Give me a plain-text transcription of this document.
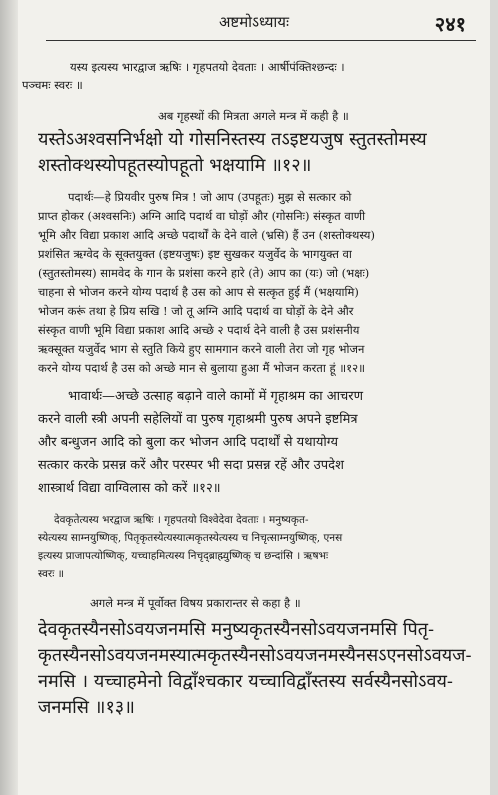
अष्टमोऽध्यायः	२४१
यस्य इत्यस्य भारद्वाज ऋषिः । गृहपतयो देवताः । आर्षीपंक्तिश्छन्दः ।
पञ्चमः स्वरः ॥
अब गृहस्थों की मित्रता अगले मन्त्र में कही है ॥
यस्तेऽअश्वसनिर्भक्षो यो गोसनिस्तस्य तऽइष्टयजुष स्तुतस्तोमस्य
शस्तोक्थस्योपहूतस्योपहूतो भक्षयामि ॥१२॥
पदार्थः—हे प्रियवीर पुरुष मित्र ! जो आप (उपहूतः) मुझ से सत्कार को
प्राप्त होकर (अश्वसनिः) अग्नि आदि पदार्थ वा घोड़ों और (गोसनिः) संस्कृत वाणी
भूमि और विद्या प्रकाश आदि अच्छे पदार्थों के देने वाले (भ्रसि) हैं उन (शस्तोक्थस्य)
प्रशंसित ऋग्वेद के सूक्तयुक्त (इष्टयजुषः) इष्ट सुखकर यजुर्वेद के भागयुक्त वा
(स्तुतस्तोमस्य) सामवेद के गान के प्रशंसा करने हारे (ते) आप का (यः) जो (भक्षः)
चाहना से भोजन करने योग्य पदार्थ है उस को आप से सत्कृत हुई मैं (भक्षयामि)
भोजन करूं तथा हे प्रिय सखि ! जो तू अग्नि आदि पदार्थ वा घोड़ों के देने और
संस्कृत वाणी भूमि विद्या प्रकाश आदि अच्छे २ पदार्थ देने वाली है उस प्रशंसनीय
ऋक्सूक्त यजुर्वेद भाग से स्तुति किये हुए सामगान करने वाली तेरा जो गृह भोजन
करने योग्य पदार्थ है उस को अच्छे मान से बुलाया हुआ मैं भोजन करता हूं ॥१२॥
भावार्थः—अच्छे उत्साह बढ़ाने वाले कामों में गृहाश्रम का आचरण
करने वाली स्त्री अपनी सहेलियों वा पुरुष गृहाश्रमी पुरुष अपने इष्टमित्र
और बन्धुजन आदि को बुला कर भोजन आदि पदार्थों से यथायोग्य
सत्कार करके प्रसन्न करें और परस्पर भी सदा प्रसन्न रहें और उपदेश
शास्त्रार्थ विद्या वाग्विलास को करें ॥१२॥
देवकृतेत्यस्य भरद्वाज ऋषिः । गृहपतयो विश्वेदेवा देवताः । मनुष्यकृत-
स्येत्यस्य साम्नयुष्णिक्, पितृकृतस्येत्यस्यात्मकृतस्येत्यस्य च निचृत्साम्नयुष्णिक्, एनस
इत्यस्य प्राजापत्योष्णिक्, यच्चाहमित्यस्य निचृद्ब्राह्म्युष्णिक् च छन्दांसि । ऋषभः
स्वरः ॥
अगले मन्त्र में पूर्वोक्त विषय प्रकारान्तर से कहा है ॥
देवकृतस्यैनसोऽवयजनमसि मनुष्यकृतस्यैनसोऽवयजनमसि पितृ-
कृतस्यैनसोऽवयजनमस्यात्मकृतस्यैनसोऽवयजनमस्यैनसऽएनसोऽवयज-
नमसि । यच्चाहमेनो विद्वाँश्चकार यच्चाविद्वाँस्तस्य सर्वस्यैनसोऽवय-
जनमसि ॥१३॥
